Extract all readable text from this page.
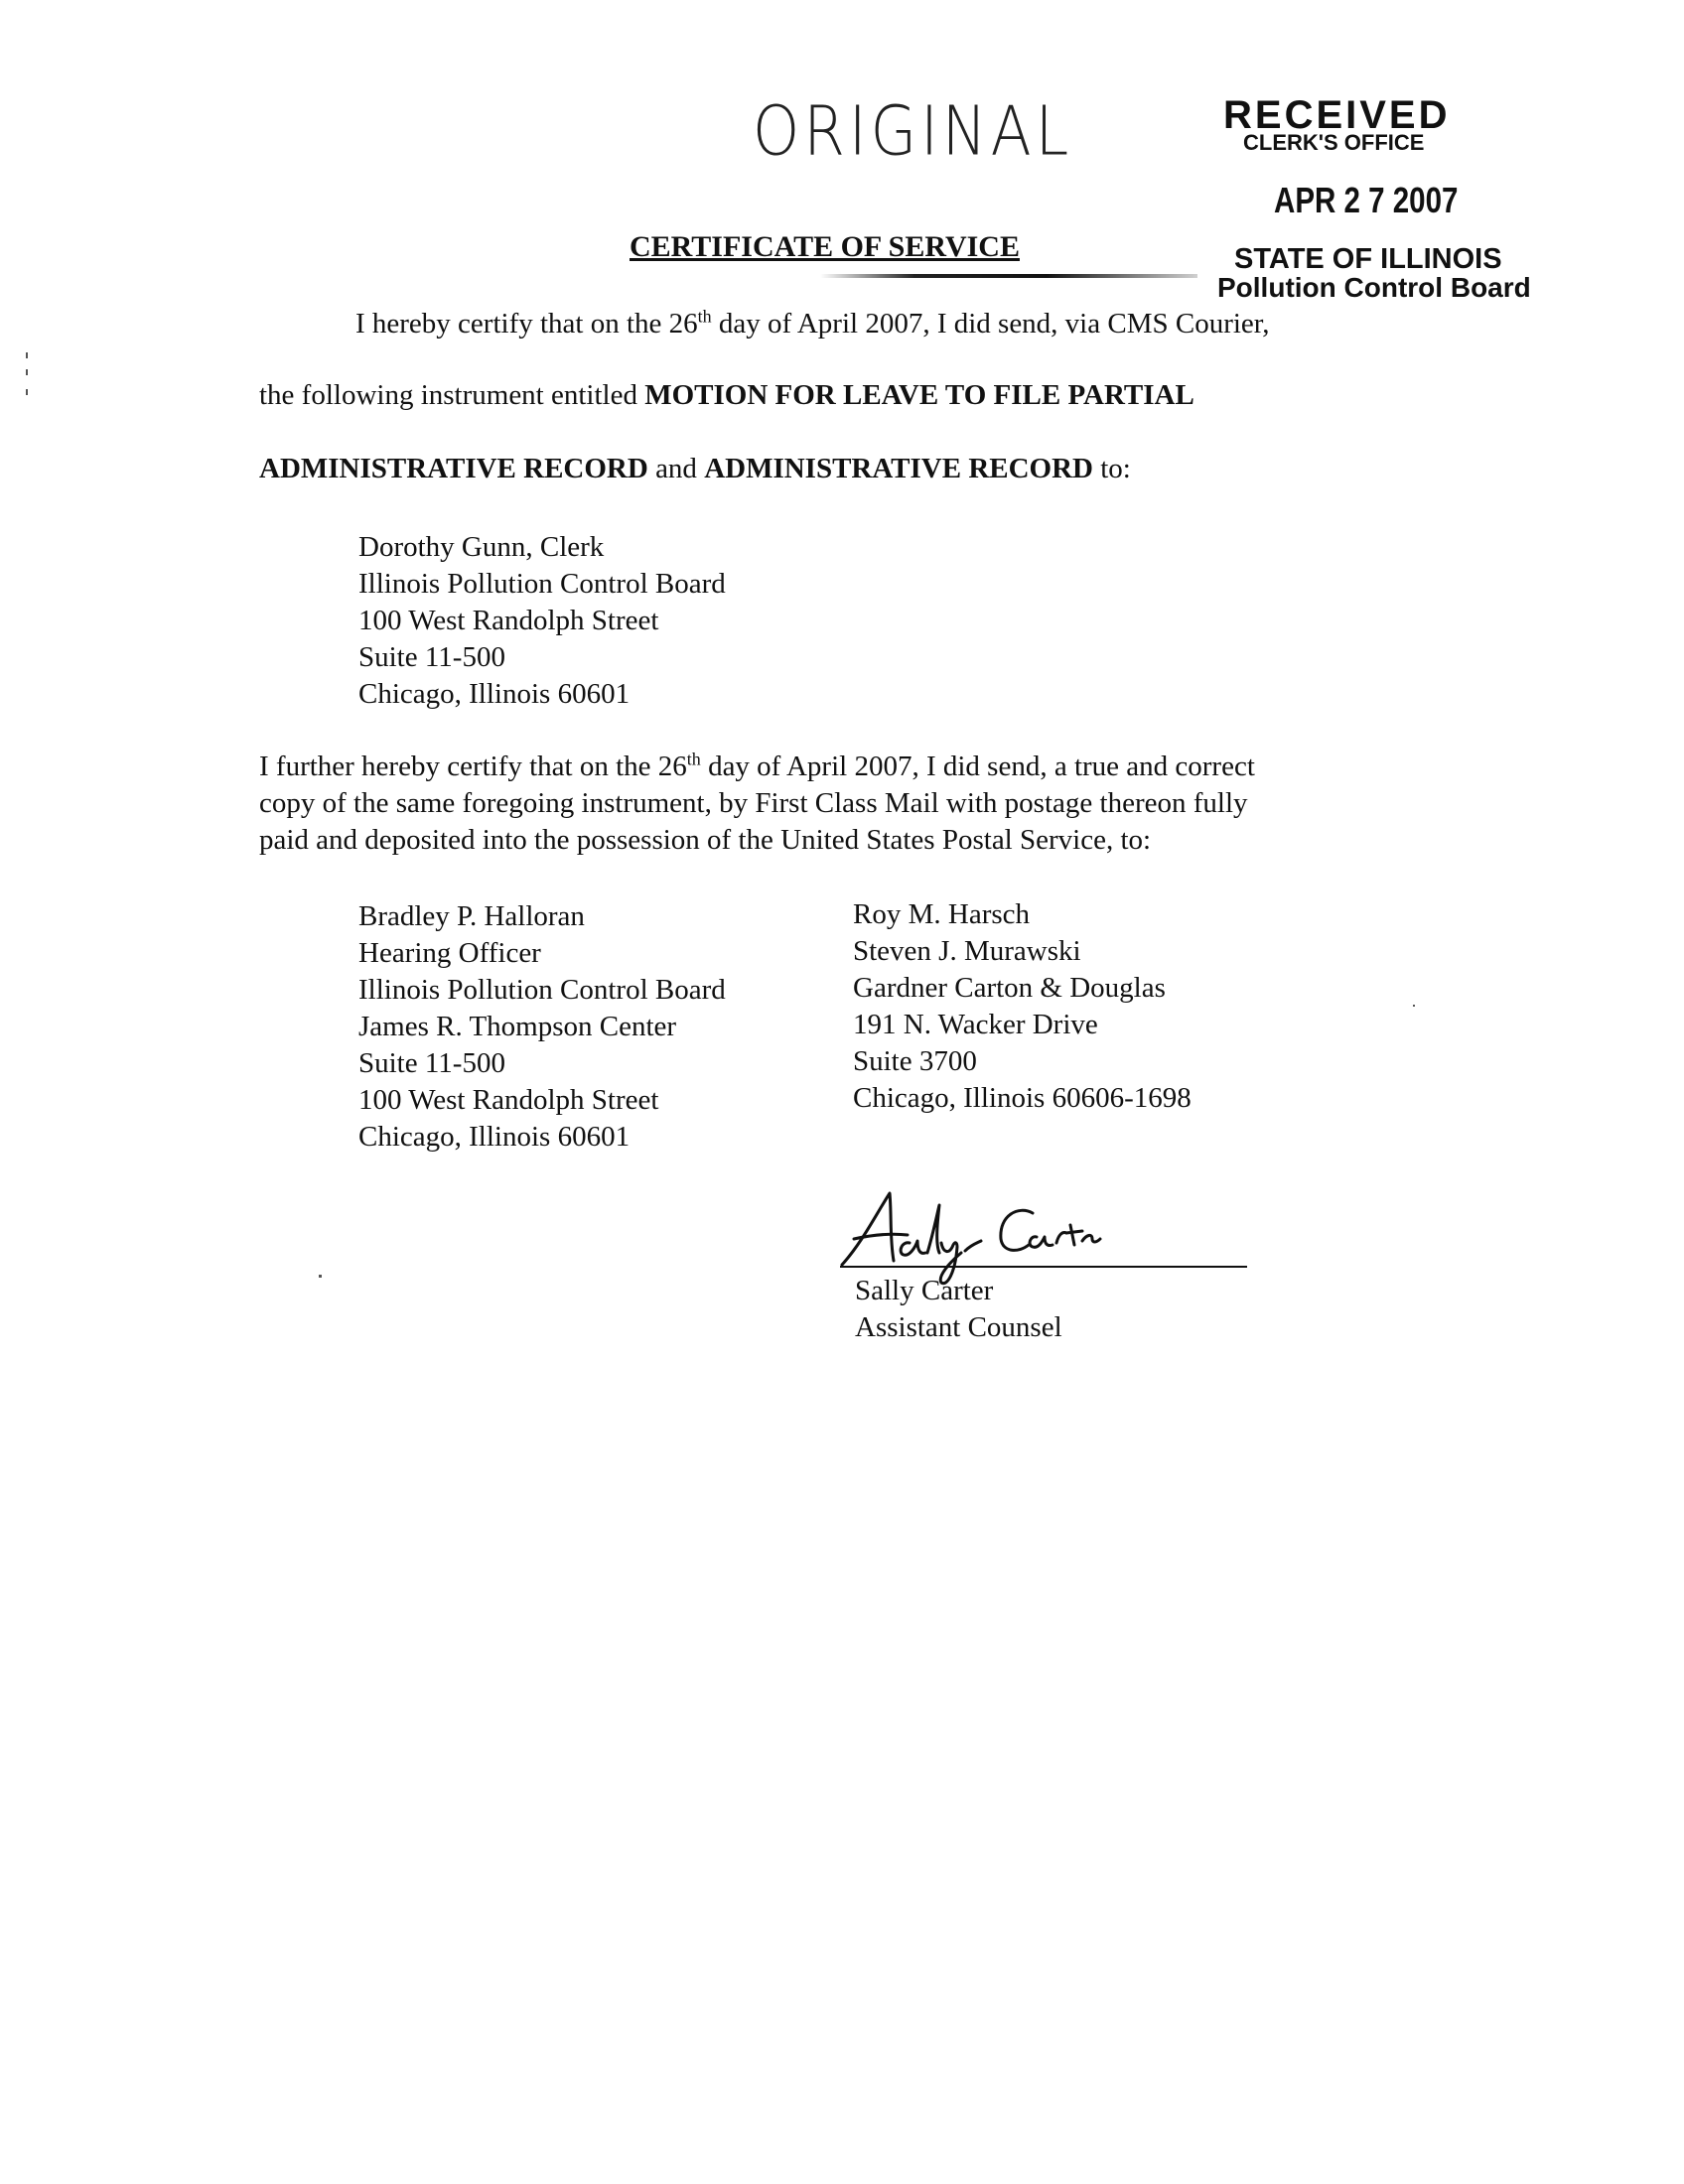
ORIGINAL	RECEIVED
CLERK'S OFFICE
APR 2 7 2007
STATE OF ILLINOIS
Pollution Control Board
CERTIFICATE OF SERVICE
I hereby certify that on the 26th day of April 2007, I did send, via CMS Courier,
the following instrument entitled MOTION FOR LEAVE TO FILE PARTIAL
ADMINISTRATIVE RECORD and ADMINISTRATIVE RECORD to:
Dorothy Gunn, Clerk
Illinois Pollution Control Board
100 West Randolph Street
Suite 11-500
Chicago, Illinois 60601
I further hereby certify that on the 26th day of April 2007, I did send, a true and correct
copy of the same foregoing instrument, by First Class Mail with postage thereon fully
paid and deposited into the possession of the United States Postal Service, to:
Bradley P. Halloran
Hearing Officer
Illinois Pollution Control Board
James R. Thompson Center
Suite 11-500
100 West Randolph Street
Chicago, Illinois 60601
Roy M. Harsch
Steven J. Murawski
Gardner Carton & Douglas
191 N. Wacker Drive
Suite 3700
Chicago, Illinois 60606-1698
Sally Carter
Assistant Counsel
